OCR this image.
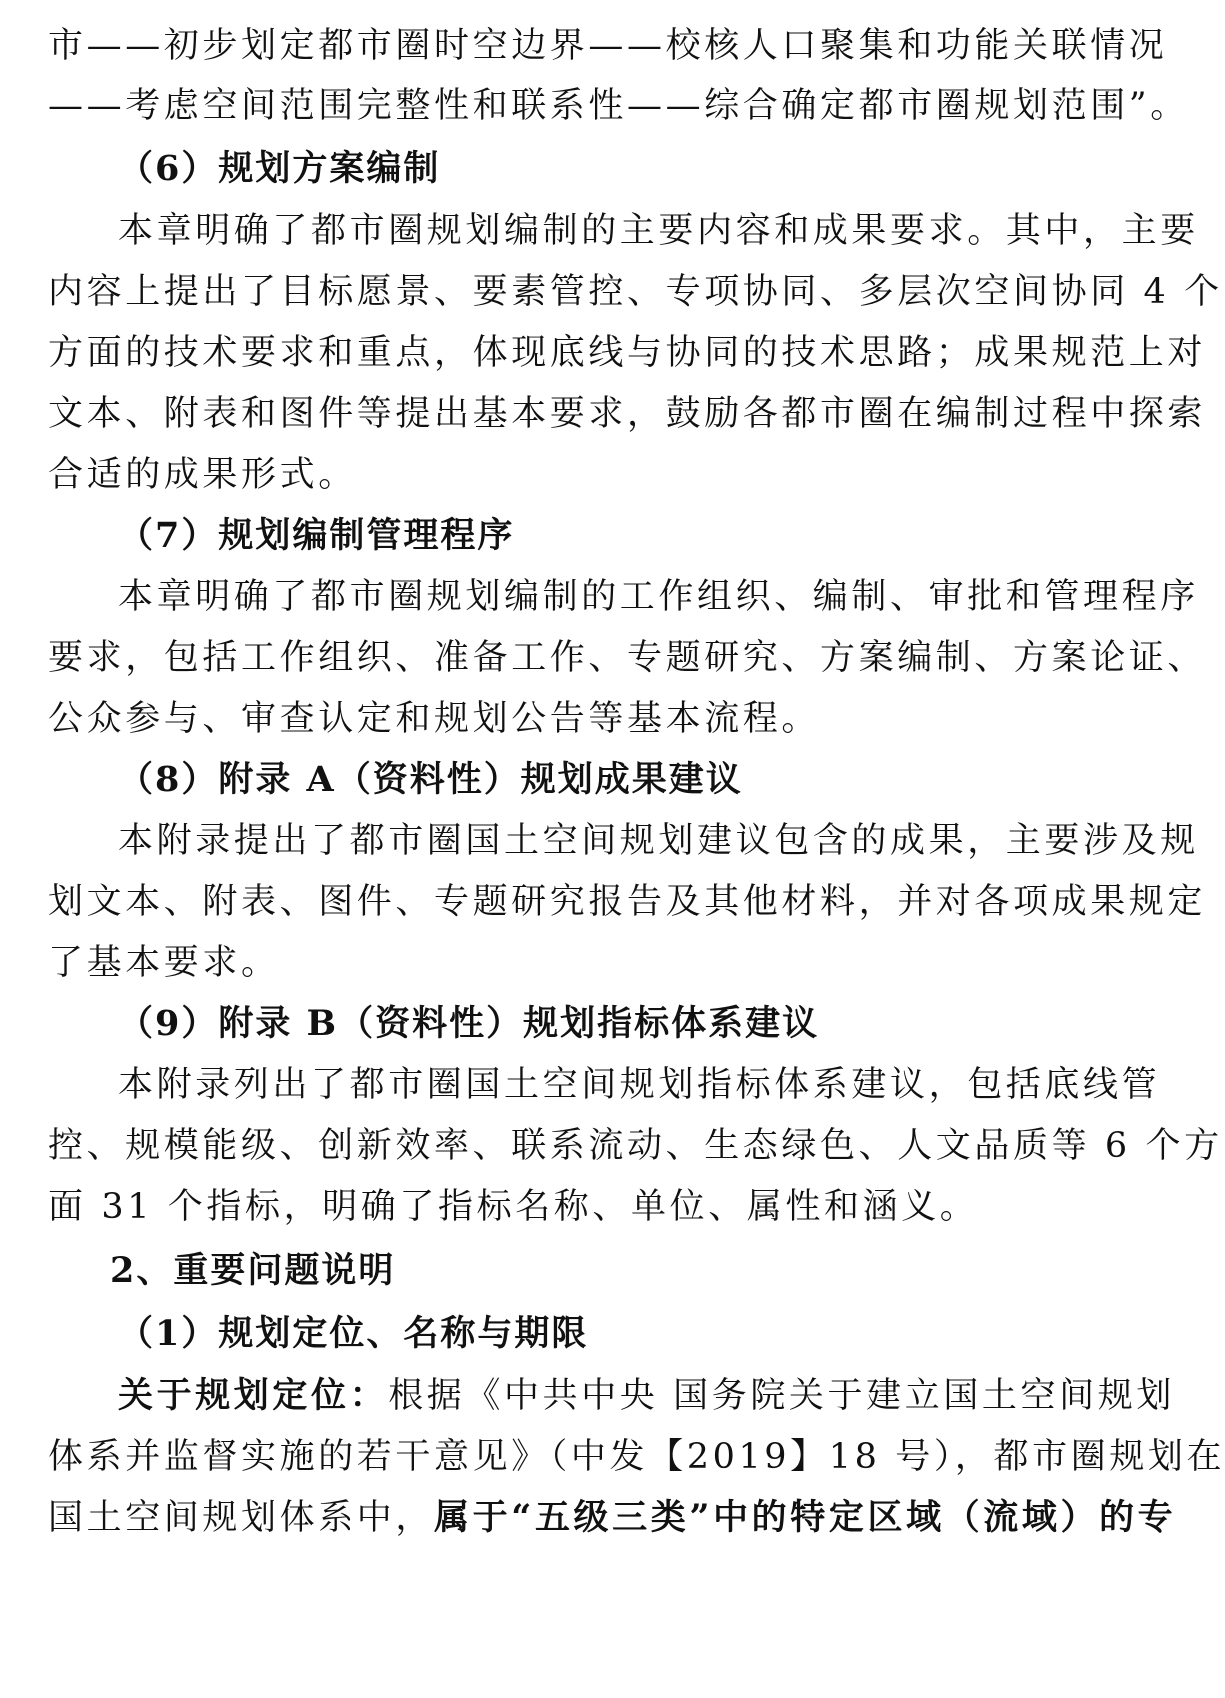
市——初步划定都市圈时空边界——校核人口聚集和功能关联情况
——考虑空间范围完整性和联系性——综合确定都市圈规划范围”。
（6）规划方案编制
本章明确了都市圈规划编制的主要内容和成果要求。其中，主要
内容上提出了目标愿景、要素管控、专项协同、多层次空间协同 4 个
方面的技术要求和重点，体现底线与协同的技术思路；成果规范上对
文本、附表和图件等提出基本要求，鼓励各都市圈在编制过程中探索
合适的成果形式。
（7）规划编制管理程序
本章明确了都市圈规划编制的工作组织、编制、审批和管理程序
要求，包括工作组织、准备工作、专题研究、方案编制、方案论证、
公众参与、审查认定和规划公告等基本流程。
（8）附录 A（资料性）规划成果建议
本附录提出了都市圈国土空间规划建议包含的成果，主要涉及规
划文本、附表、图件、专题研究报告及其他材料，并对各项成果规定
了基本要求。
（9）附录 B（资料性）规划指标体系建议
本附录列出了都市圈国土空间规划指标体系建议，包括底线管
控、规模能级、创新效率、联系流动、生态绿色、人文品质等 6 个方
面 31 个指标，明确了指标名称、单位、属性和涵义。
2、重要问题说明
（1）规划定位、名称与期限
关于规划定位：根据《中共中央 国务院关于建立国土空间规划
体系并监督实施的若干意见》（中发【2019】18 号），都市圈规划在
国土空间规划体系中，属于“五级三类”中的特定区域（流域）的专
